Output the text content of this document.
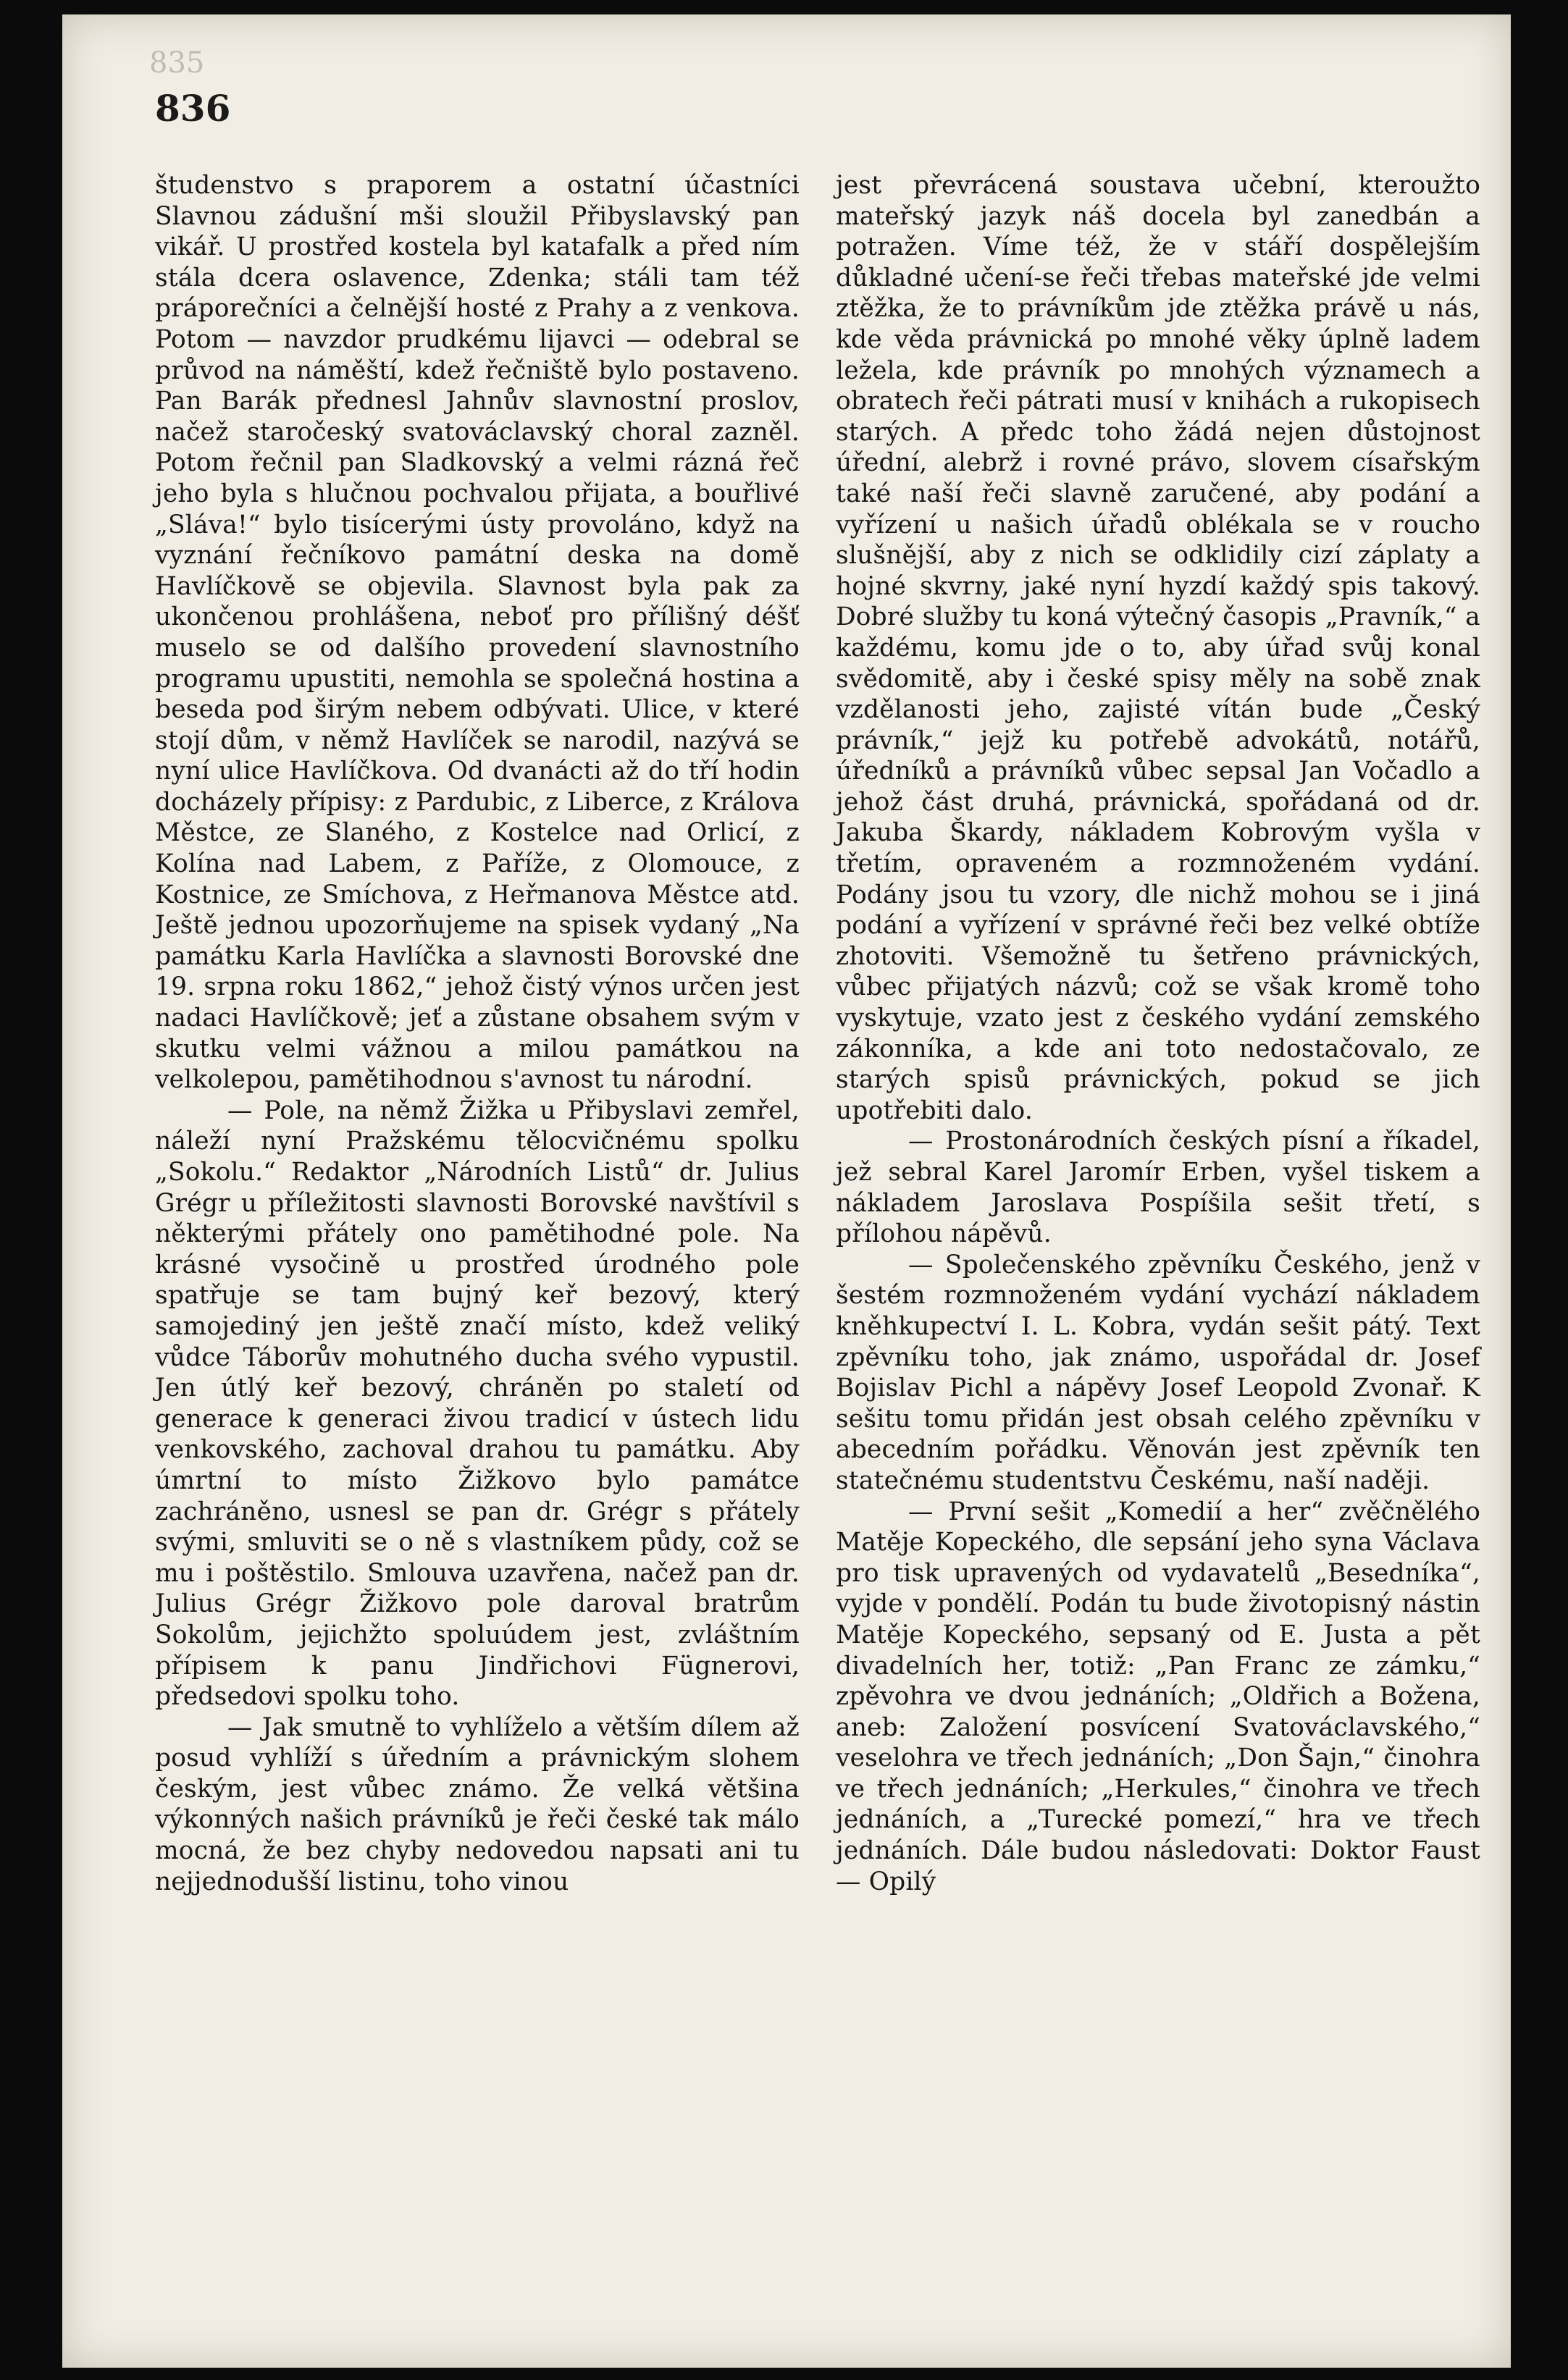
835
836

študenstvo s praporem a ostatní účastníci Slavnou zádušní mši sloužil Přibyslavský pan vikář. U prostřed kostela byl katafalk a před ním stála dcera oslavence, Zdenka; stáli tam též práporečníci a čelnější hosté z Prahy a z venkova. Potom — navzdor prudkému lijavci — odebral se průvod na náměští, kdež řečniště bylo postaveno. Pan Barák přednesl Jahnův slavnostní proslov, načež staročeský svatováclavský choral zazněl. Potom řečnil pan Sladkovský a velmi rázná řeč jeho byla s hlučnou pochvalou přijata, a bouřlivé „Sláva!“ bylo tisícerými ústy provoláno, když na vyznání řečníkovo památní deska na domě Havlíčkově se objevila. Slavnost byla pak za ukončenou prohlášena, neboť pro přílišný déšť muselo se od dalšího provedení slavnostního programu upustiti, nemohla se společná hostina a beseda pod širým nebem odbývati. Ulice, v které stojí dům, v němž Havlíček se narodil, nazývá se nyní ulice Havlíčkova. Od dvanácti až do tří hodin docházely přípisy: z Pardubic, z Liberce, z Králova Městce, ze Slaného, z Kostelce nad Orlicí, z Kolína nad Labem, z Paříže, z Olomouce, z Kostnice, ze Smíchova, z Heřmanova Městce atd. Ještě jednou upozorňujeme na spisek vydaný „Na památku Karla Havlíčka a slavnosti Borovské dne 19. srpna roku 1862,“ jehož čistý výnos určen jest nadaci Havlíčkově; jeť a zůstane obsahem svým v skutku velmi vážnou a milou památkou na velkolepou, pamětihodnou s'avnost tu národní.

— Pole, na němž Žižka u Přibyslavi zemřel, náleží nyní Pražskému tělocvičnému spolku „Sokolu.“ Redaktor „Národních Listů“ dr. Julius Grégr u příležitosti slavnosti Borovské navštívil s některými přátely ono pamětihodné pole. Na krásné vysočině u prostřed úrodného pole spatřuje se tam bujný keř bezový, který samojediný jen ještě značí místo, kdež veliký vůdce Táborův mohutného ducha svého vypustil. Jen útlý keř bezový, chráněn po staletí od generace k generaci živou tradicí v ústech lidu venkovského, zachoval drahou tu památku. Aby úmrtní to místo Žižkovo bylo památce zachráněno, usnesl se pan dr. Grégr s přátely svými, smluviti se o ně s vlastníkem půdy, což se mu i poštěstilo. Smlouva uzavřena, načež pan dr. Julius Grégr Žižkovo pole daroval bratrům Sokolům, jejichžto spoluúdem jest, zvláštním přípisem k panu Jindřichovi Fügnerovi, předsedovi spolku toho.

— Jak smutně to vyhlíželo a větším dílem až posud vyhlíží s úředním a právnickým slohem českým, jest vůbec známo. Že velká většina výkonných našich právníků je řeči české tak málo mocná, že bez chyby nedovedou napsati ani tu nejjednodušší listinu, toho vinou

jest převrácená soustava učební, kteroužto mateřský jazyk náš docela byl zanedbán a potražen. Víme též, že v stáří dospělejším důkladné učení-se řeči třebas mateřské jde velmi ztěžka, že to právníkům jde ztěžka právě u nás, kde věda právnická po mnohé věky úplně ladem ležela, kde právník po mnohých významech a obratech řeči pátrati musí v knihách a rukopisech starých. A předc toho žádá nejen důstojnost úřední, alebrž i rovné právo, slovem císařským také naší řeči slavně zaručené, aby podání a vyřízení u našich úřadů oblékala se v roucho slušnější, aby z nich se odklidily cizí záplaty a hojné skvrny, jaké nyní hyzdí každý spis takový. Dobré služby tu koná výtečný časopis „Pravník,“ a každému, komu jde o to, aby úřad svůj konal svědomitě, aby i české spisy měly na sobě znak vzdělanosti jeho, zajisté vítán bude „Český právník,“ jejž ku potřebě advokátů, notářů, úředníků a právníků vůbec sepsal Jan Vočadlo a jehož část druhá, právnická, spořádaná od dr. Jakuba Škardy, nákladem Kobrovým vyšla v třetím, opraveném a rozmnoženém vydání. Podány jsou tu vzory, dle nichž mohou se i jiná podání a vyřízení v správné řeči bez velké obtíže zhotoviti. Všemožně tu šetřeno právnických, vůbec přijatých názvů; což se však kromě toho vyskytuje, vzato jest z českého vydání zemského zákonníka, a kde ani toto nedostačovalo, ze starých spisů právnických, pokud se jich upotřebiti dalo.

— Prostonárodních českých písní a říkadel, jež sebral Karel Jaromír Erben, vyšel tiskem a nákladem Jaroslava Pospíšila sešit třetí, s přílohou nápěvů.

— Společenského zpěvníku Českého, jenž v šestém rozmnoženém vydání vychází nákladem kněhkupectví I. L. Kobra, vydán sešit pátý. Text zpěvníku toho, jak známo, uspořádal dr. Josef Bojislav Pichl a nápěvy Josef Leopold Zvonař. K sešitu tomu přidán jest obsah celého zpěvníku v abecedním pořádku. Věnován jest zpěvník ten statečnému studentstvu Českému, naší naději.

— První sešit „Komedií a her“ zvěčnělého Matěje Kopeckého, dle sepsání jeho syna Václava pro tisk upravených od vydavatelů „Besedníka“, vyjde v pondělí. Podán tu bude životopisný nástin Matěje Kopeckého, sepsaný od E. Justa a pět divadelních her, totiž: „Pan Franc ze zámku,“ zpěvohra ve dvou jednáních; „Oldřich a Božena, aneb: Založení posvícení Svatováclavského,“ veselohra ve třech jednáních; „Don Šajn,“ činohra ve třech jednáních; „Herkules,“ činohra ve třech jednáních, a „Turecké pomezí,“ hra ve třech jednáních. Dále budou následovati: Doktor Faust — Opilý
